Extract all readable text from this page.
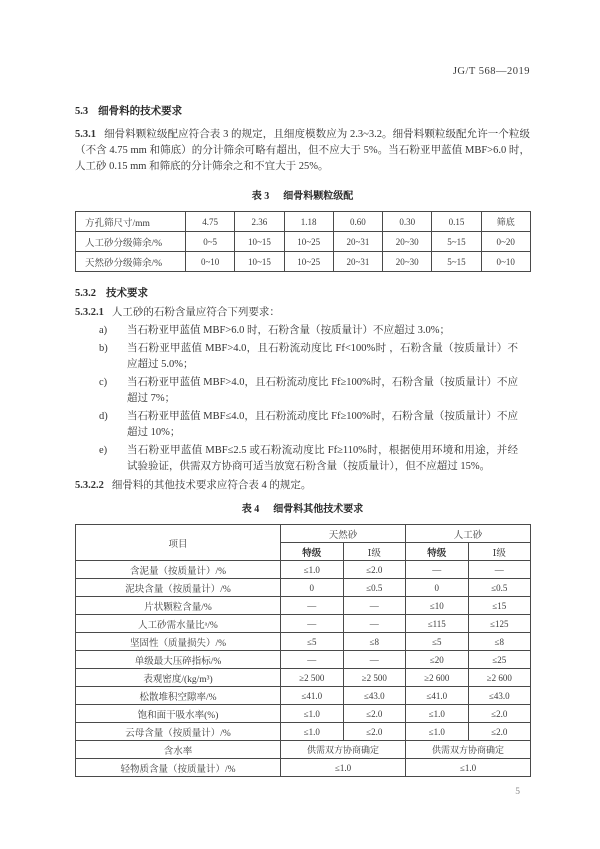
JG/T 568—2019
5.3 细骨料的技术要求

5.3.1 细骨料颗粒级配应符合表 3 的规定，且细度模数应为 2.3~3.2。细骨料颗粒级配允许一个粒级（不含 4.75 mm 和筛底）的分计筛余可略有超出，但不应大于 5%。当石粉亚甲蓝值 MBF>6.0 时，人工砂 0.15 mm 和筛底的分计筛余之和不宜大于 25%。

表 3 细骨料颗粒级配
方孔筛尺寸/mm	4.75	2.36	1.18	0.60	0.30	0.15	筛底
人工砂分级筛余/%	0~5	10~15	10~25	20~31	20~30	5~15	0~20
天然砂分级筛余/%	0~10	10~15	10~25	20~31	20~30	5~15	0~10
5.3.2 技术要求
5.3.2.1 人工砂的石粉含量应符合下列要求：
a) 当石粉亚甲蓝值 MBF>6.0 时，石粉含量（按质量计）不应超过 3.0%；
b) 当石粉亚甲蓝值 MBF>4.0，且石粉流动度比 Ff<100%时 ，石粉含量（按质量计）不应超过 5.0%；
c) 当石粉亚甲蓝值 MBF>4.0，且石粉流动度比 Ff≥100%时，石粉含量（按质量计）不应超过 7%；
d) 当石粉亚甲蓝值 MBF≤4.0，且石粉流动度比 Ff≥100%时，石粉含量（按质量计）不应超过 10%；
e) 当石粉亚甲蓝值 MBF≤2.5 或石粉流动度比 Ff≥110%时，根据使用环境和用途，并经试验验证，供需双方协商可适当放宽石粉含量（按质量计），但不应超过 15%。
5.3.2.2 细骨料的其他技术要求应符合表 4 的规定。
表 4 细骨料其他技术要求
项目	天然砂		人工砂	
	特级	Ⅰ级	特级	Ⅰ级
含泥量（按质量计）/%	≤1.0	≤2.0	—	—
泥块含量（按质量计）/%	0	≤0.5	0	≤0.5
片状颗粒含量/%	—	—	≤10	≤15
人工砂需水量比ᵃ/%	—	—	≤115	≤125
坚固性（质量损失）/%	≤5	≤8	≤5	≤8
单级最大压碎指标/%	—	—	≤20	≤25
表观密度/(kg/m³)	≥2 500	≥2 500	≥2 600	≥2 600
松散堆积空隙率/%	≤41.0	≤43.0	≤41.0	≤43.0
饱和面干吸水率(%)	≤1.0	≤2.0	≤1.0	≤2.0
云母含量（按质量计）/%	≤1.0	≤2.0	≤1.0	≤2.0
含水率	供需双方协商确定		供需双方协商确定	
轻物质含量（按质量计）/%	≤1.0		≤1.0	
5
